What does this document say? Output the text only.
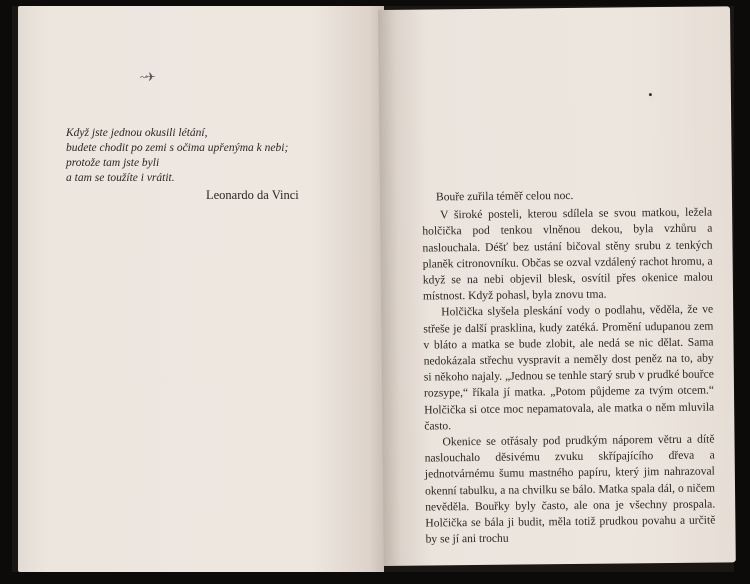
~✈
Když jste jednou okusili létání,
budete chodit po zemi s očima upřenýma k nebi;
protože tam jste byli
a tam se toužíte i vrátit.
Leonardo da Vinci	Bouře zuřila téměř celou noc.

V široké posteli, kterou sdílela se svou matkou, ležela holčička pod tenkou vlněnou dekou, byla vzhůru a naslouchala. Déšť bez ustání bičoval stěny srubu z tenkých planěk citronovníku. Občas se ozval vzdálený rachot hromu, a když se na nebi objevil blesk, osvítil přes okenice malou místnost. Když pohasl, byla znovu tma.

Holčička slyšela pleskání vody o podlahu, věděla, že ve střeše je další prasklina, kudy zatéká. Promění udupanou zem v bláto a matka se bude zlobit, ale nedá se nic dělat. Sama nedokázala střechu vyspravit a neměly dost peněz na to, aby si někoho najaly. „Jednou se tenhle starý srub v prudké bouřce rozsype,“ říkala jí matka. „Potom půjdeme za tvým otcem.“ Holčička si otce moc nepamatovala, ale matka o něm mluvila často.

Okenice se otřásaly pod prudkým náporem větru a dítě naslouchalo děsivému zvuku skřípajícího dřeva a jednotvárnému šumu mastného papíru, který jim nahrazoval okenní tabulku, a na chvilku se bálo. Matka spala dál, o ničem nevěděla. Bouřky byly často, ale ona je všechny prospala. Holčička se bála ji budit, měla totiž prudkou povahu a určitě by se jí ani trochu
